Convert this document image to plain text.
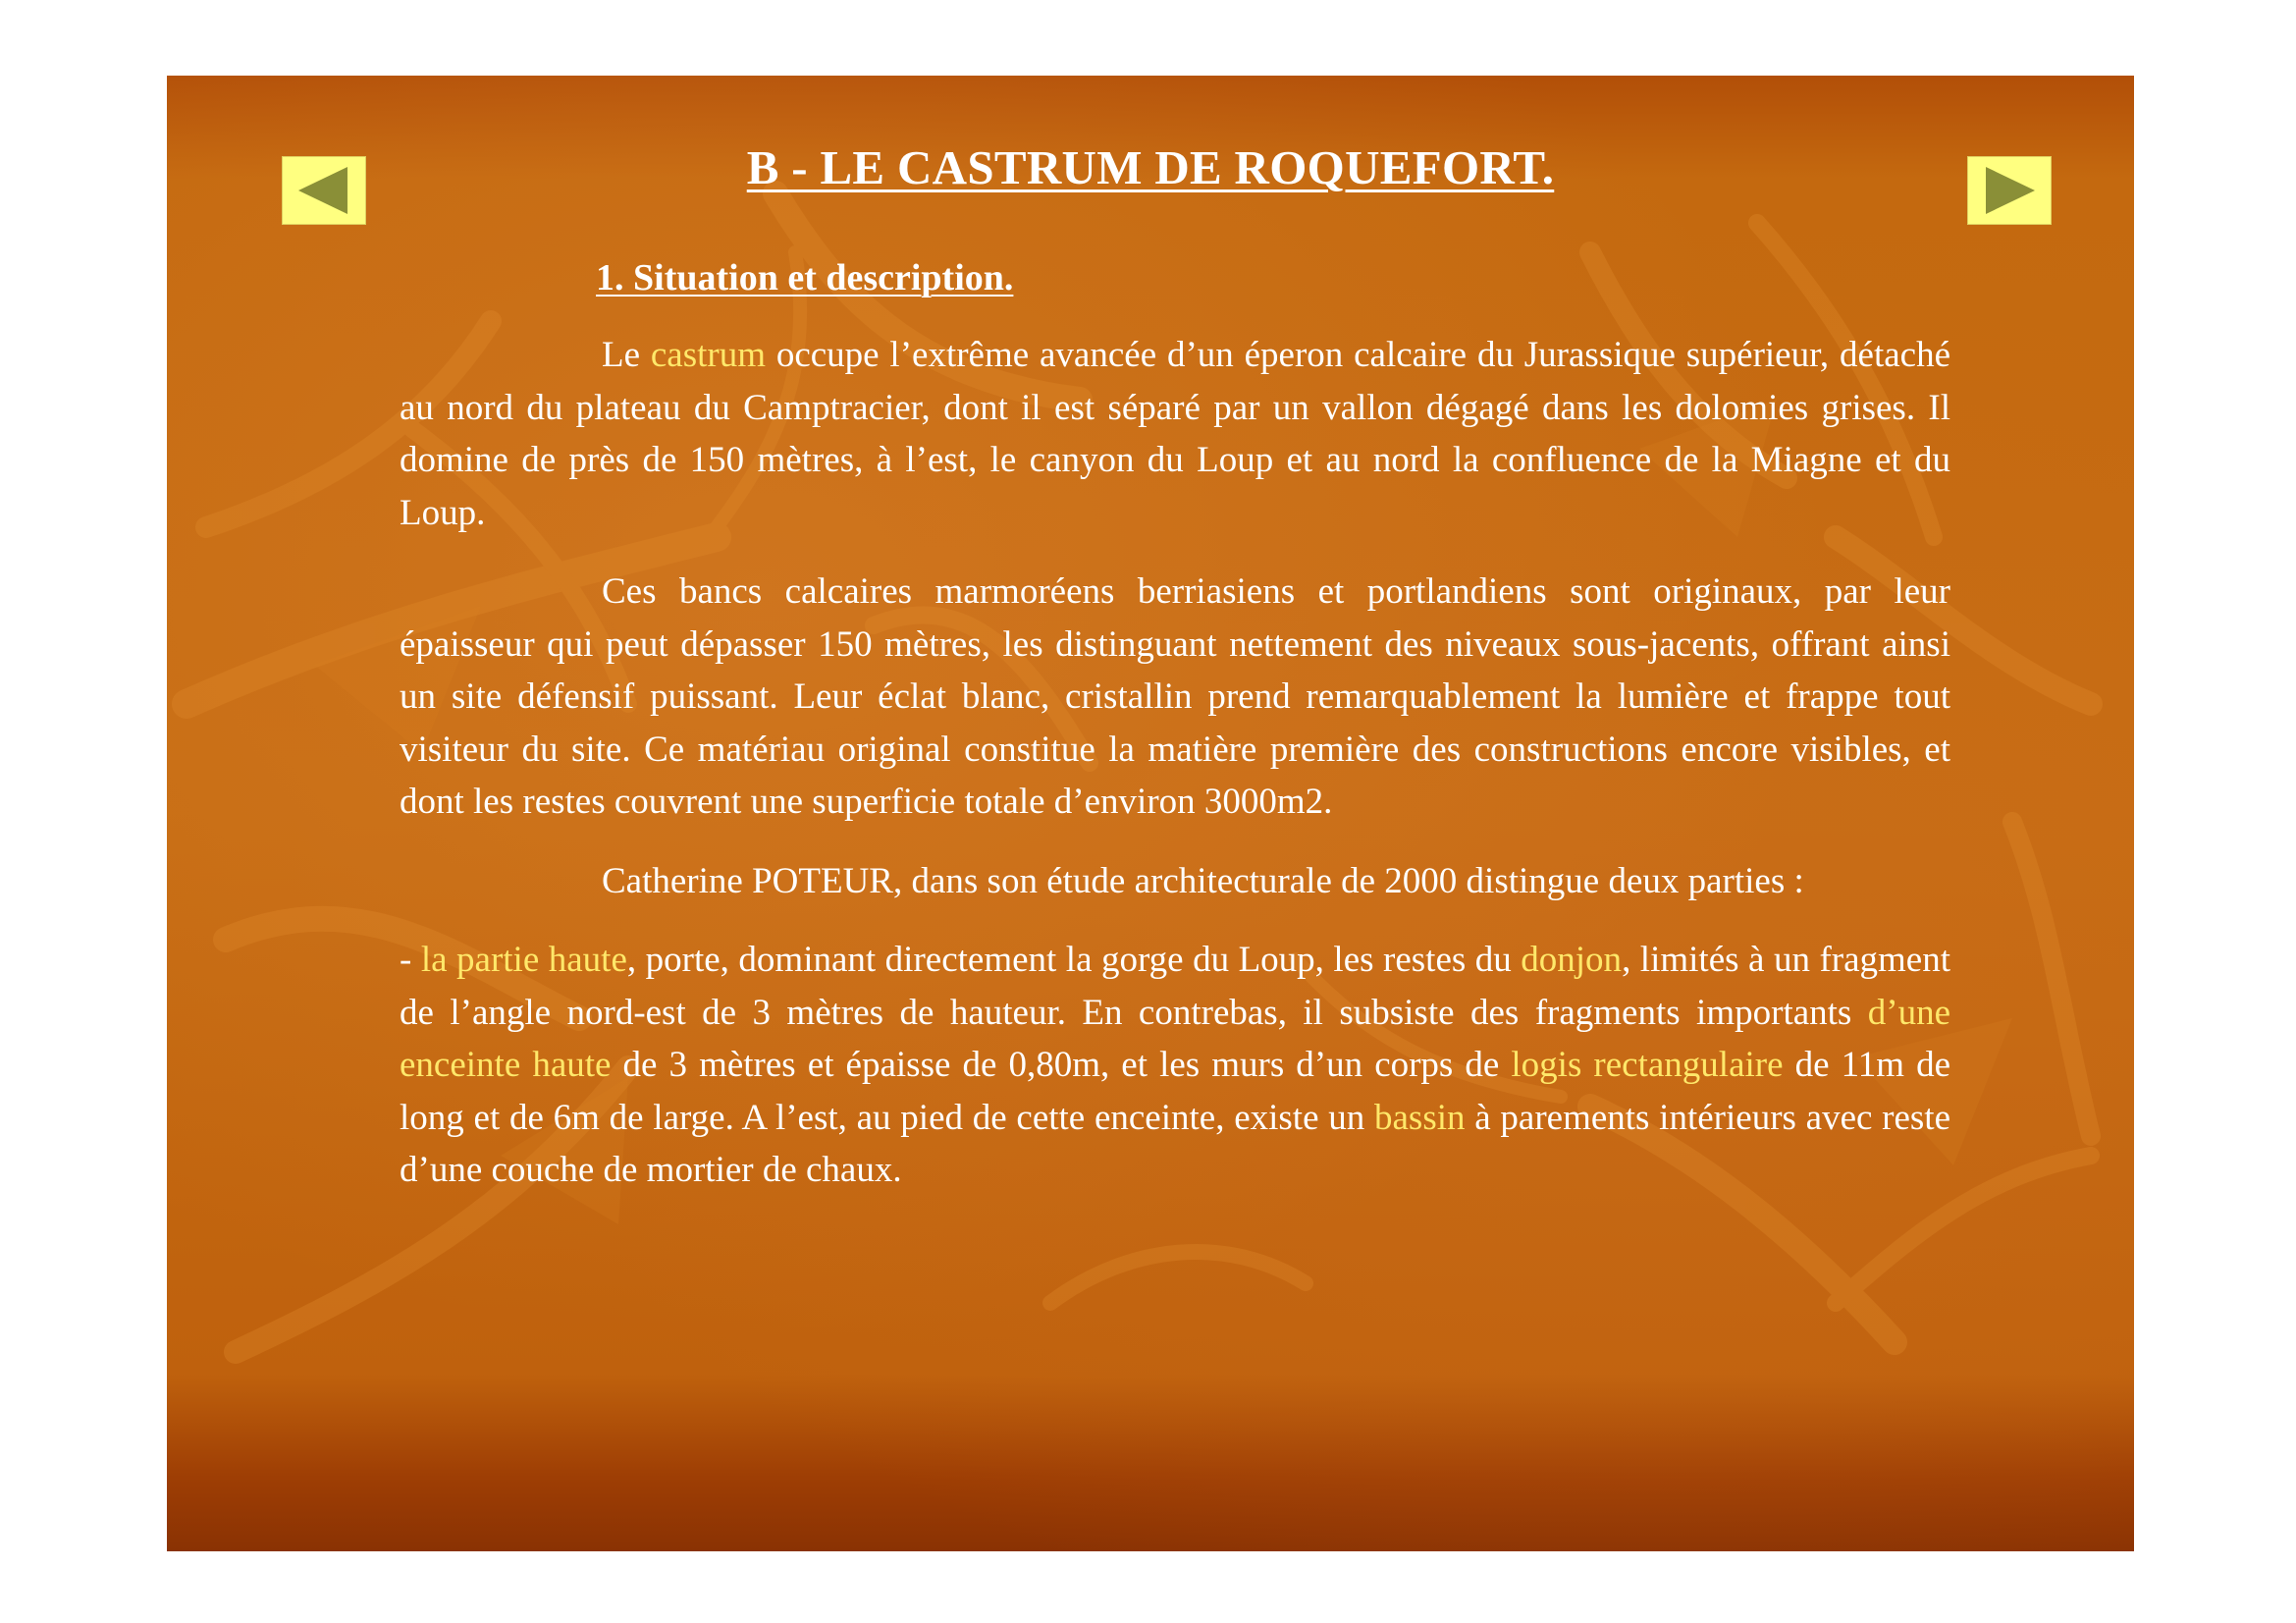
B - LE CASTRUM DE ROQUEFORT.
1. Situation et description.

Le castrum occupe l’extrême avancée d’un éperon calcaire du Jurassique supérieur, détaché au nord du plateau du Camptracier, dont il est séparé par un vallon dégagé dans les dolomies grises. Il domine de près de 150 mètres, à l’est, le canyon du Loup et au nord la confluence de la Miagne et du Loup.

Ces bancs calcaires marmoréens berriasiens et portlandiens sont originaux, par leur épaisseur qui peut dépasser 150 mètres, les distinguant nettement des niveaux sous-jacents, offrant ainsi un site défensif puissant. Leur éclat blanc, cristallin prend remarquablement la lumière et frappe tout visiteur du site. Ce matériau original constitue la matière première des constructions encore visibles, et dont les restes couvrent une superficie totale d’environ 3000m2.

Catherine POTEUR, dans son étude architecturale de 2000 distingue deux parties :

- la partie haute, porte, dominant directement la gorge du Loup, les restes du donjon, limités à un fragment de l’angle nord-est de 3 mètres de hauteur. En contrebas, il subsiste des fragments importants d’une enceinte haute de 3 mètres et épaisse de 0,80m, et les murs d’un corps de logis rectangulaire de 11m de long et de 6m de large. A l’est, au pied de cette enceinte, existe un bassin à parements intérieurs avec reste d’une couche de mortier de chaux.
